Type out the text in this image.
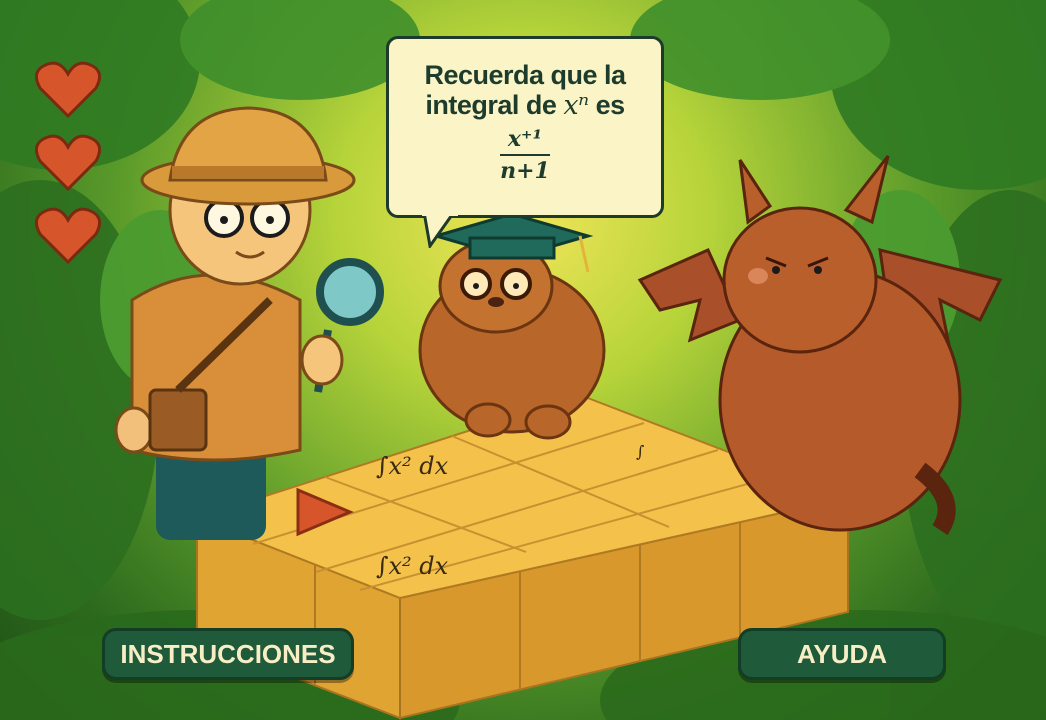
Recuerda que la
integral de xⁿ es
$\frac{\text{x⁺¹}}{n+1}$
∫x² dx
∫x² dx
∫
INSTRUCCIONES	AYUDA
